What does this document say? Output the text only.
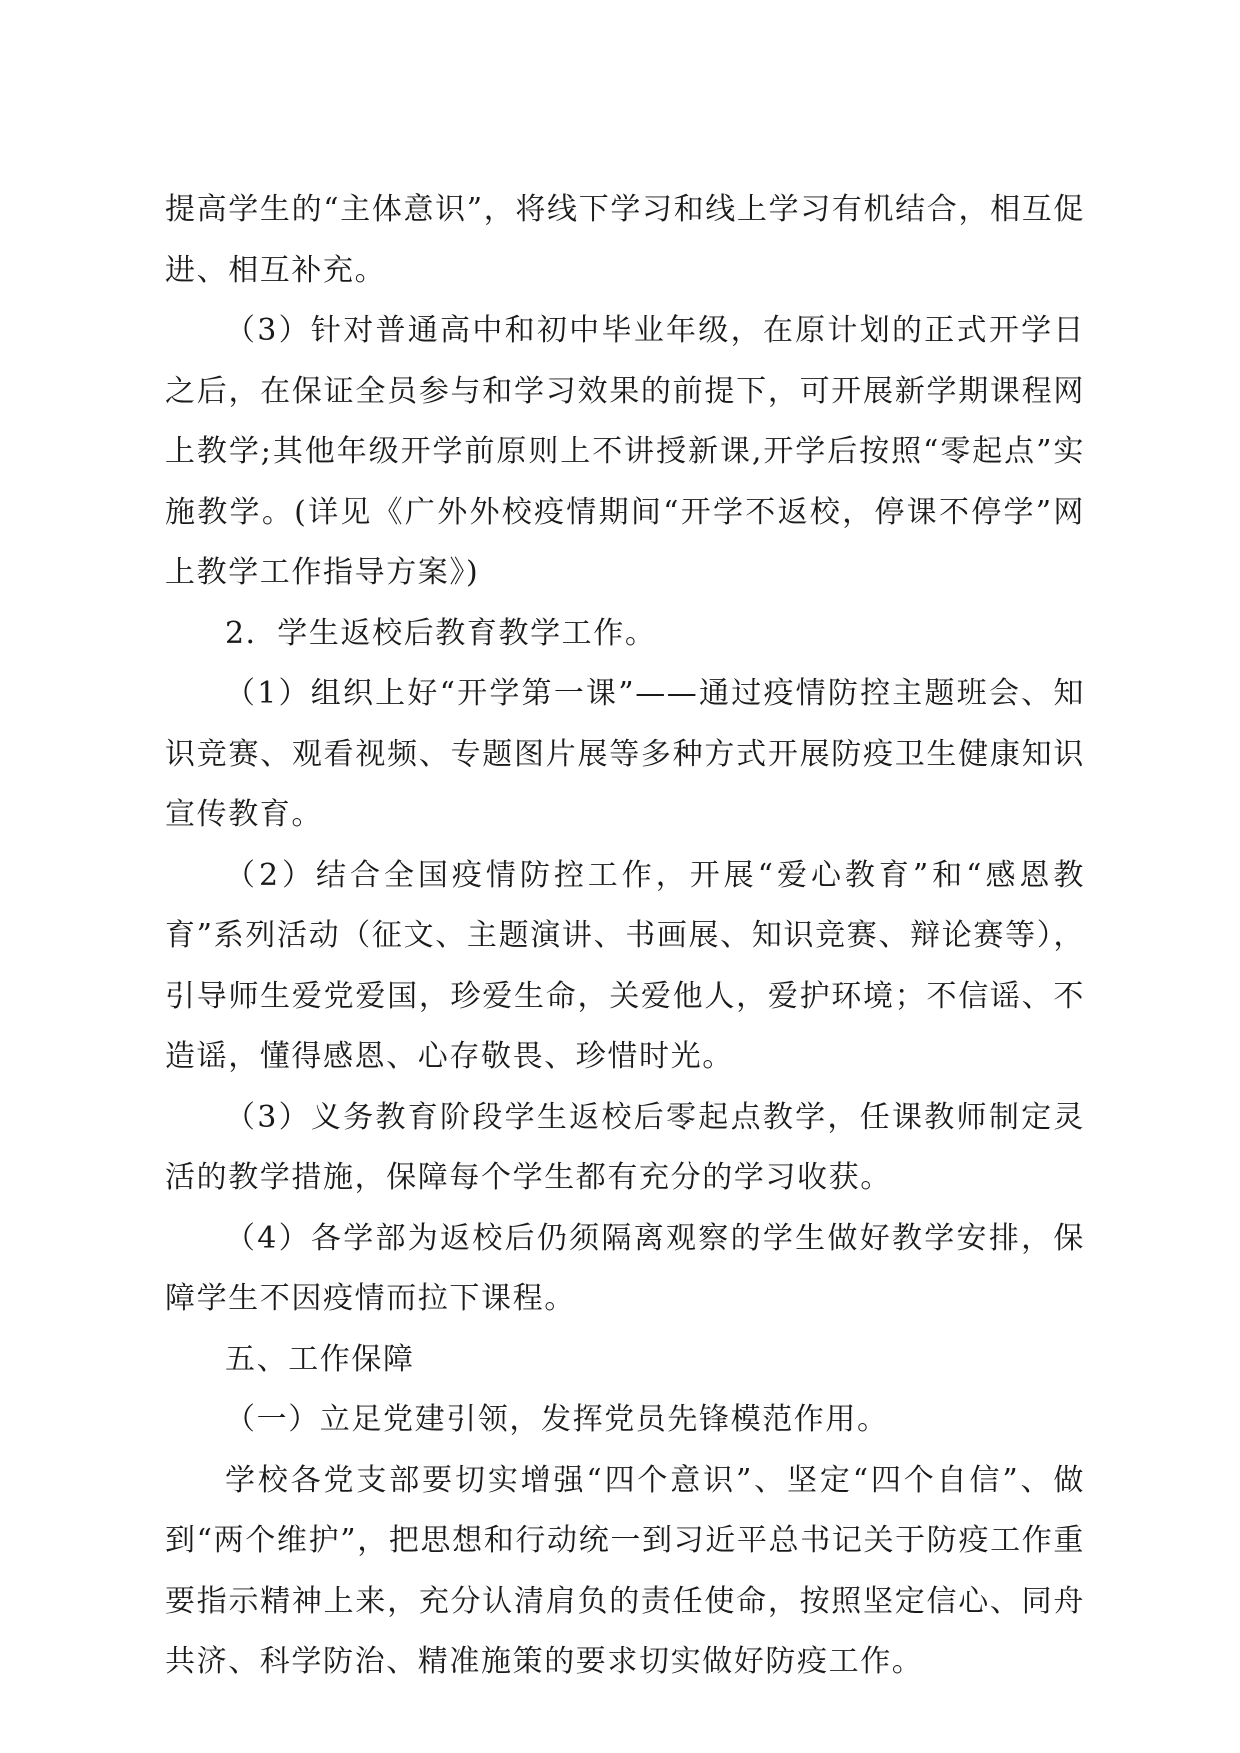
提高学生的“主体意识”，将线下学习和线上学习有机结合，相互促进、相互补充。

（3）针对普通高中和初中毕业年级，在原计划的正式开学日之后，在保证全员参与和学习效果的前提下，可开展新学期课程网上教学;其他年级开学前原则上不讲授新课,开学后按照“零起点”实施教学。(详见《广外外校疫情期间“开学不返校，停课不停学”网上教学工作指导方案》)

2．学生返校后教育教学工作。

（1）组织上好“开学第一课”——通过疫情防控主题班会、知识竞赛、观看视频、专题图片展等多种方式开展防疫卫生健康知识宣传教育。

（2）结合全国疫情防控工作，开展“爱心教育”和“感恩教育”系列活动（征文、主题演讲、书画展、知识竞赛、辩论赛等），引导师生爱党爱国，珍爱生命，关爱他人，爱护环境；不信谣、不造谣，懂得感恩、心存敬畏、珍惜时光。

（3）义务教育阶段学生返校后零起点教学，任课教师制定灵活的教学措施，保障每个学生都有充分的学习收获。

（4）各学部为返校后仍须隔离观察的学生做好教学安排，保障学生不因疫情而拉下课程。

五、工作保障

（一）立足党建引领，发挥党员先锋模范作用。

学校各党支部要切实增强“四个意识”、坚定“四个自信”、做到“两个维护”，把思想和行动统一到习近平总书记关于防疫工作重要指示精神上来，充分认清肩负的责任使命，按照坚定信心、同舟共济、科学防治、精准施策的要求切实做好防疫工作。
